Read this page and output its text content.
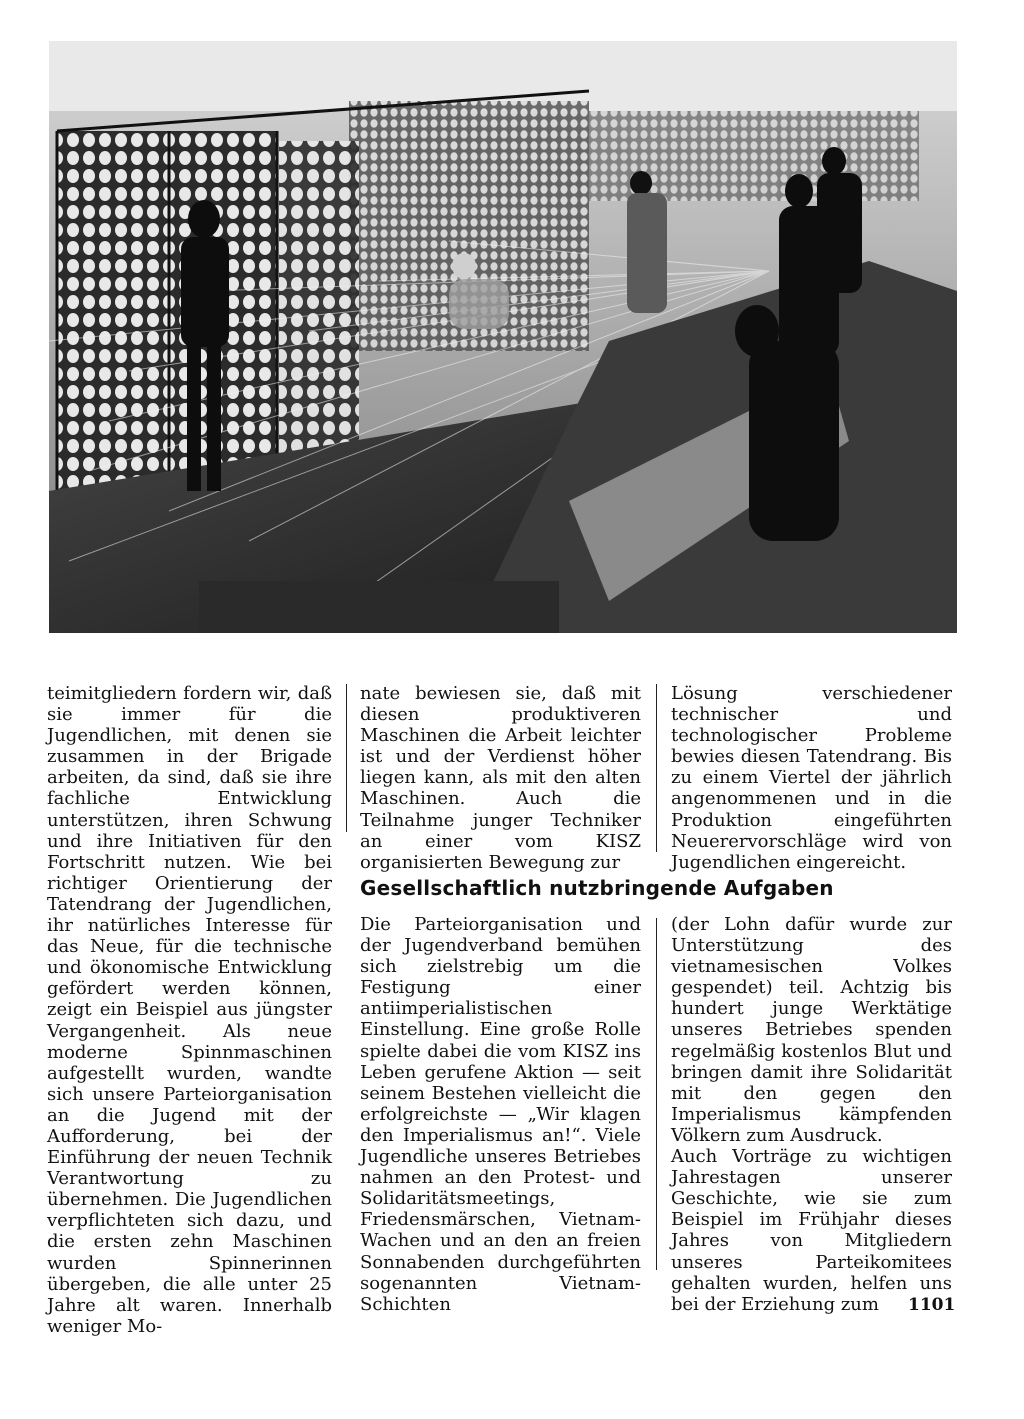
teimitgliedern fordern wir, daß sie immer für die Jugendlichen, mit denen sie zusammen in der Brigade arbeiten, da sind, daß sie ihre fachliche Entwicklung unterstützen, ihren Schwung und ihre Initiativen für den Fortschritt nutzen. Wie bei richtiger Orientierung der Tatendrang der Jugendlichen, ihr natürliches Interesse für das Neue, für die technische und ökonomische Entwicklung gefördert werden können, zeigt ein Beispiel aus jüngster Vergangenheit. Als neue moderne Spinnmaschinen aufgestellt wurden, wandte sich unsere Parteiorganisation an die Jugend mit der Aufforderung, bei der Einführung der neuen Technik Verantwortung zu übernehmen. Die Jugendlichen verpflichteten sich dazu, und die ersten zehn Maschinen wurden Spinnerinnen übergeben, die alle unter 25 Jahre alt waren. Innerhalb weniger Mo-

nate bewiesen sie, daß mit diesen produktiveren Maschinen die Arbeit leichter ist und der Verdienst höher liegen kann, als mit den alten Maschinen. Auch die Teilnahme junger Techniker an einer vom KISZ organisierten Bewegung zur

Lösung verschiedener technischer und technologischer Probleme bewies diesen Tatendrang. Bis zu einem Viertel der jährlich angenommenen und in die Produktion eingeführten Neuerervorschläge wird von Jugendlichen eingereicht.

Gesellschaftlich nutzbringende Aufgaben

Die Parteiorganisation und der Jugendverband bemühen sich zielstrebig um die Festigung einer antiimperialistischen Einstellung. Eine große Rolle spielte dabei die vom KISZ ins Leben gerufene Aktion — seit seinem Bestehen vielleicht die erfolgreichste — „Wir klagen den Imperialismus an!“. Viele Jugendliche unseres Betriebes nahmen an den Protest- und Solidaritätsmeetings, Friedensmärschen, Vietnam-Wachen und an den an freien Sonnabenden durchgeführten sogenannten Vietnam-Schichten

(der Lohn dafür wurde zur Unterstützung des vietnamesischen Volkes gespendet) teil. Achtzig bis hundert junge Werktätige unseres Betriebes spenden regelmäßig kostenlos Blut und bringen damit ihre Solidarität mit den gegen den Imperialismus kämpfenden Völkern zum Ausdruck.

Auch Vorträge zu wichtigen Jahrestagen unserer Geschichte, wie sie zum Beispiel im Frühjahr dieses Jahres von Mitgliedern unseres Parteikomitees gehalten wurden, helfen uns bei der Erziehung zum	1101
